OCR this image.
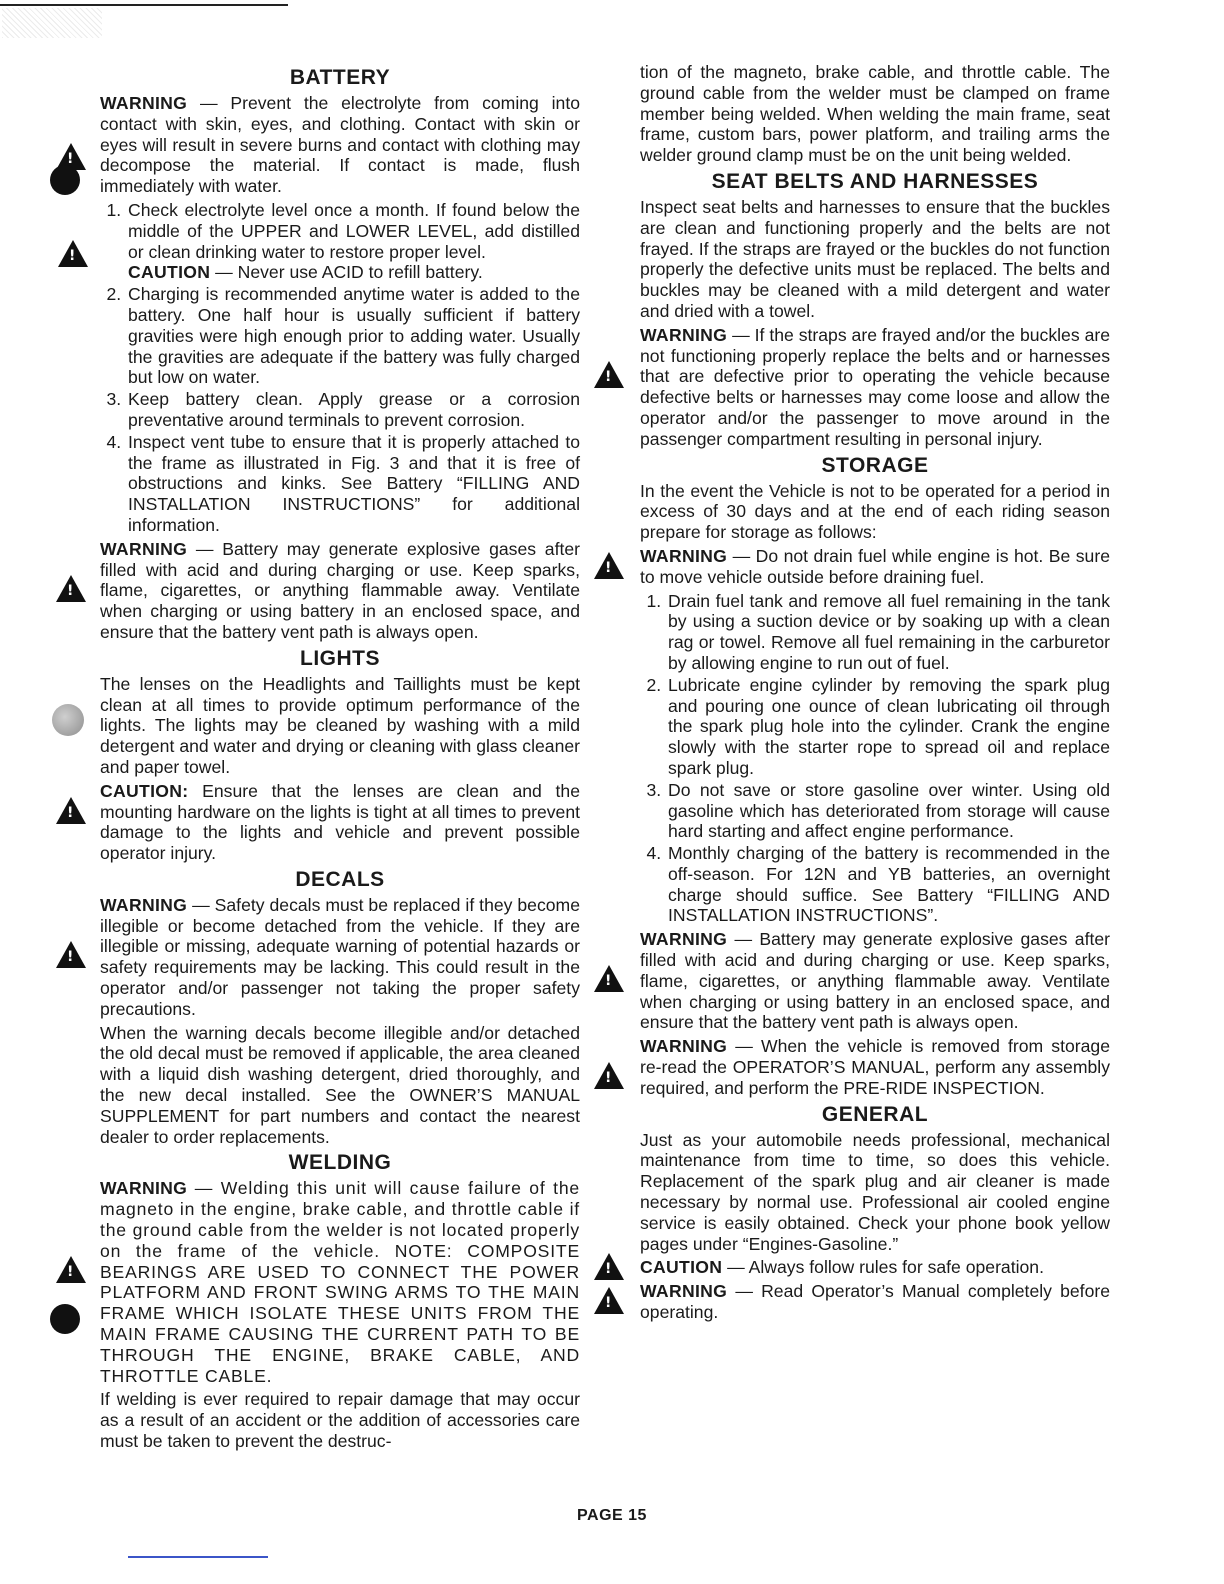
BATTERY
!

WARNING — Prevent the electrolyte from coming into contact with skin, eyes, and clothing. Contact with skin or eyes will result in severe burns and contact with clothing may decompose the material. If contact is made, flush immediately with water.

1. Check electrolyte level once a month. If found below the middle of the UPPER and LOWER LEVEL, add distilled or clean drinking water to restore proper level.
!
CAUTION — Never use ACID to refill battery.
2. Charging is recommended anytime water is added to the battery. One half hour is usually sufficient if battery gravities were high enough prior to adding water. Usually the gravities are adequate if the battery was fully charged but low on water.
3. Keep battery clean. Apply grease or a corrosion preventative around terminals to prevent corrosion.
4. Inspect vent tube to ensure that it is properly attached to the frame as illustrated in Fig. 3 and that it is free of obstructions and kinks. See Battery “FILLING AND INSTALLATION INSTRUCTIONS” for additional information.
!

WARNING — Battery may generate explosive gases after filled with acid and during charging or use. Keep sparks, flame, cigarettes, or anything flammable away. Ventilate when charging or using battery in an enclosed space, and ensure that the battery vent path is always open.

LIGHTS

The lenses on the Headlights and Taillights must be kept clean at all times to provide optimum performance of the lights. The lights may be cleaned by washing with a mild detergent and water and drying or cleaning with glass cleaner and paper towel.

!

CAUTION: Ensure that the lenses are clean and the mounting hardware on the lights is tight at all times to prevent damage to the lights and vehicle and prevent possible operator injury.

DECALS
!

WARNING — Safety decals must be replaced if they become illegible or become detached from the vehicle. If they are illegible or missing, adequate warning of potential hazards or safety requirements may be lacking. This could result in the operator and/or passenger not taking the proper safety precautions.

When the warning decals become illegible and/or detached the old decal must be removed if applicable, the area cleaned with a liquid dish washing detergent, dried thoroughly, and the new decal installed. See the OWNER’S MANUAL SUPPLEMENT for part numbers and contact the nearest dealer to order replacements.

WELDING
!

WARNING — Welding this unit will cause failure of the magneto in the engine, brake cable, and throttle cable if the ground cable from the welder is not located properly on the frame of the vehicle. NOTE: COMPOSITE BEARINGS ARE USED TO CONNECT THE POWER PLATFORM AND FRONT SWING ARMS TO THE MAIN FRAME WHICH ISOLATE THESE UNITS FROM THE MAIN FRAME CAUSING THE CURRENT PATH TO BE THROUGH THE ENGINE, BRAKE CABLE, AND THROTTLE CABLE.

If welding is ever required to repair damage that may occur as a result of an accident or the addition of accessories care must be taken to prevent the destruc-

tion of the magneto, brake cable, and throttle cable. The ground cable from the welder must be clamped on frame member being welded. When welding the main frame, seat frame, custom bars, power platform, and trailing arms the welder ground clamp must be on the unit being welded.

SEAT BELTS AND HARNESSES

Inspect seat belts and harnesses to ensure that the buckles are clean and functioning properly and the belts are not frayed. If the straps are frayed or the buckles do not function properly the defective units must be replaced. The belts and buckles may be cleaned with a mild detergent and water and dried with a towel.

!

WARNING — If the straps are frayed and/or the buckles are not functioning properly replace the belts and or harnesses that are defective prior to operating the vehicle because defective belts or harnesses may come loose and allow the operator and/or the passenger to move around in the passenger compartment resulting in personal injury.

STORAGE

In the event the Vehicle is not to be operated for a period in excess of 30 days and at the end of each riding season prepare for storage as follows:

!

WARNING — Do not drain fuel while engine is hot. Be sure to move vehicle outside before draining fuel.

1. Drain fuel tank and remove all fuel remaining in the tank by using a suction device or by soaking up with a clean rag or towel. Remove all fuel remaining in the carburetor by allowing engine to run out of fuel.
2. Lubricate engine cylinder by removing the spark plug and pouring one ounce of clean lubricating oil through the spark plug hole into the cylinder. Crank the engine slowly with the starter rope to spread oil and replace spark plug.
3. Do not save or store gasoline over winter. Using old gasoline which has deteriorated from storage will cause hard starting and affect engine performance.
4. Monthly charging of the battery is recommended in the off-season. For 12N and YB batteries, an overnight charge should suffice. See Battery “FILLING AND INSTALLATION INSTRUCTIONS”.
!

WARNING — Battery may generate explosive gases after filled with acid and during charging or use. Keep sparks, flame, cigarettes, or anything flammable away. Ventilate when charging or using battery in an enclosed space, and ensure that the battery vent path is always open.

!

WARNING — When the vehicle is removed from storage re-read the OPERATOR’S MANUAL, perform any assembly required, and perform the PRE-RIDE INSPECTION.

GENERAL

Just as your automobile needs professional, mechanical maintenance from time to time, so does this vehicle. Replacement of the spark plug and air cleaner is made necessary by normal use. Professional air cooled engine service is easily obtained. Check your phone book yellow pages under “Engines-Gasoline.”

!

CAUTION — Always follow rules for safe operation.

!

WARNING — Read Operator’s Manual completely before operating.

PAGE 15
